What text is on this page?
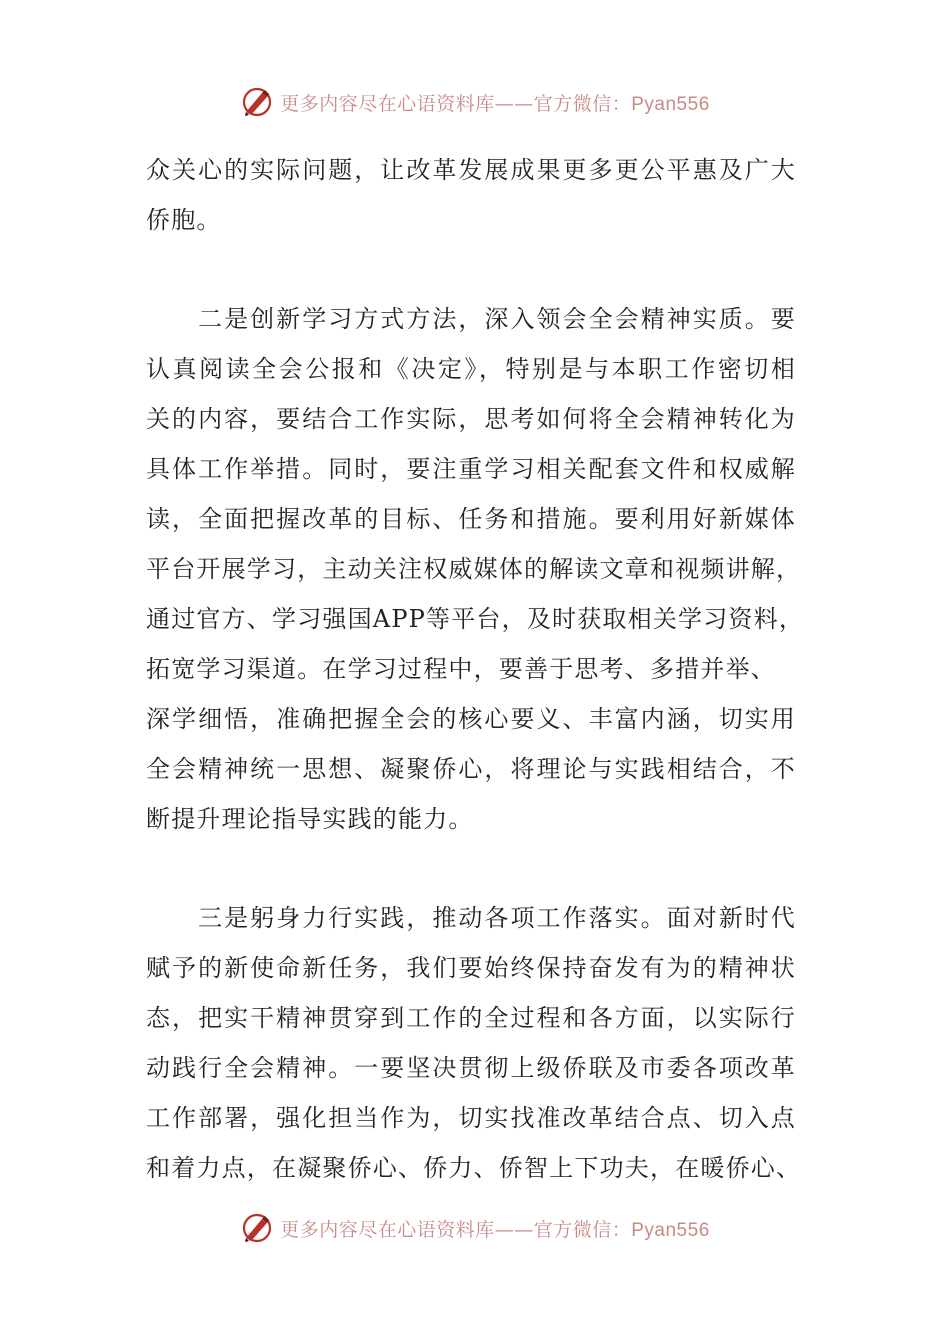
更多内容尽在心语资料库——官方微信：Pyan556
众关心的实际问题，让改革发展成果更多更公平惠及广大
侨胞。
　　二是创新学习方式方法，深入领会全会精神实质。要
认真阅读全会公报和《决定》，特别是与本职工作密切相
关的内容，要结合工作实际，思考如何将全会精神转化为
具体工作举措。同时，要注重学习相关配套文件和权威解
读，全面把握改革的目标、任务和措施。要利用好新媒体
平台开展学习，主动关注权威媒体的解读文章和视频讲解，
通过官方、学习强国APP等平台，及时获取相关学习资料，
拓宽学习渠道。在学习过程中，要善于思考、多措并举、
深学细悟，准确把握全会的核心要义、丰富内涵，切实用
全会精神统一思想、凝聚侨心，将理论与实践相结合，不
断提升理论指导实践的能力。
　　三是躬身力行实践，推动各项工作落实。面对新时代
赋予的新使命新任务，我们要始终保持奋发有为的精神状
态，把实干精神贯穿到工作的全过程和各方面，以实际行
动践行全会精神。一要坚决贯彻上级侨联及市委各项改革
工作部署，强化担当作为，切实找准改革结合点、切入点
和着力点，在凝聚侨心、侨力、侨智上下功夫，在暖侨心、
更多内容尽在心语资料库——官方微信：Pyan556
